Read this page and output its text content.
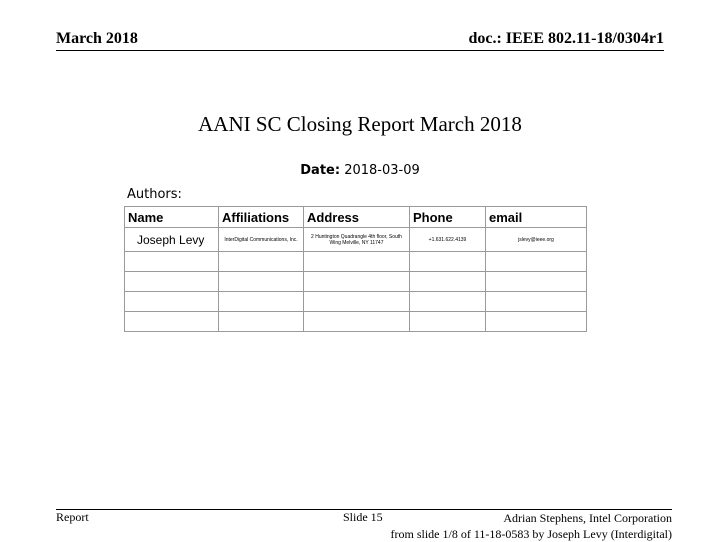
March 2018	doc.: IEEE 802.11-18/0304r1
AANI SC Closing Report March 2018
Date: 2018-03-09
Authors:
Name	Affiliations	Address	Phone	email
Joseph Levy	InterDigital Communications, Inc.	2 Huntington Quadrangle 4th floor, South Wing Melville, NY 11747	+1.631.622.4139	jslevy@ieee.org

Report	Slide 15	Adrian Stephens, Intel Corporation
from slide 1/8 of 11-18-0583 by Joseph Levy (Interdigital)
